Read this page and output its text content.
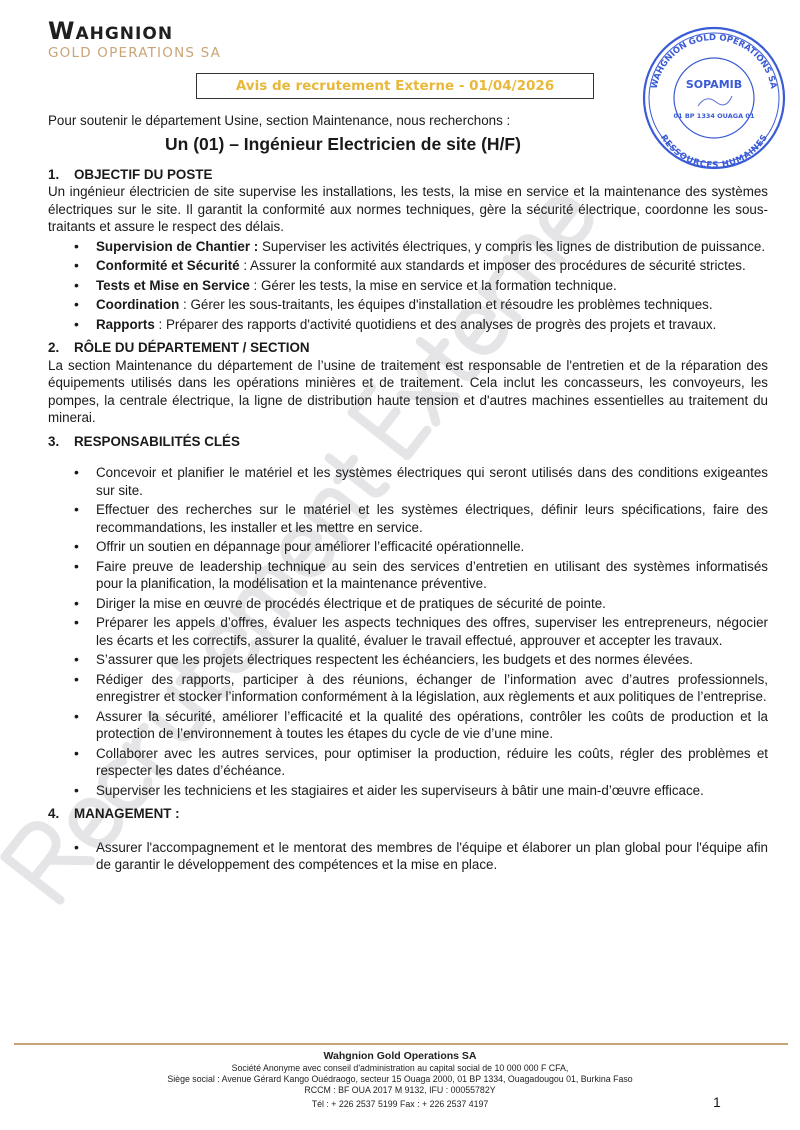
Wahgnion
GOLD OPERATIONS SA
Avis de recrutement Externe - 01/04/2026	WAHGNION GOLD OPERATIONS SA
RESSOURCES HUMAINES
SOPAMIB
01 BP 1334 OUAGA 01

Pour soutenir le département Usine, section Maintenance, nous recherchons :

Un (01) – Ingénieur Electricien de site (H/F)
1.	OBJECTIF DU POSTE

Un ingénieur électricien de site supervise les installations, les tests, la mise en service et la maintenance des systèmes électriques sur le site. Il garantit la conformité aux normes techniques, gère la sécurité électrique, coordonne les sous-traitants et assure le respect des délais.

• Supervision de Chantier : Superviser les activités électriques, y compris les lignes de distribution de puissance.
• Conformité et Sécurité : Assurer la conformité aux standards et imposer des procédures de sécurité strictes.
• Tests et Mise en Service : Gérer les tests, la mise en service et la formation technique.
• Coordination : Gérer les sous-traitants, les équipes d'installation et résoudre les problèmes techniques.
• Rapports : Préparer des rapports d'activité quotidiens et des analyses de progrès des projets et travaux.
2.	RÔLE DU DÉPARTEMENT / SECTION

La section Maintenance du département de l’usine de traitement est responsable de l'entretien et de la réparation des équipements utilisés dans les opérations minières et de traitement. Cela inclut les concasseurs, les convoyeurs, les pompes, la centrale électrique, la ligne de distribution haute tension et d'autres machines essentielles au traitement du minerai.

3.	RESPONSABILITÉS CLÉS
• Concevoir et planifier le matériel et les systèmes électriques qui seront utilisés dans des conditions exigeantes sur site.
• Effectuer des recherches sur le matériel et les systèmes électriques, définir leurs spécifications, faire des recommandations, les installer et les mettre en service.
• Offrir un soutien en dépannage pour améliorer l’efficacité opérationnelle.
• Faire preuve de leadership technique au sein des services d’entretien en utilisant des systèmes informatisés pour la planification, la modélisation et la maintenance préventive.
• Diriger la mise en œuvre de procédés électrique et de pratiques de sécurité de pointe.
• Préparer les appels d’offres, évaluer les aspects techniques des offres, superviser les entrepreneurs, négocier les écarts et les correctifs, assurer la qualité, évaluer le travail effectué, approuver et accepter les travaux.
• S’assurer que les projets électriques respectent les échéanciers, les budgets et des normes élevées.
• Rédiger des rapports, participer à des réunions, échanger de l’information avec d’autres professionnels, enregistrer et stocker l’information conformément à la législation, aux règlements et aux politiques de l’entreprise.
• Assurer la sécurité, améliorer l’efficacité et la qualité des opérations, contrôler les coûts de production et la protection de l’environnement à toutes les étapes du cycle de vie d’une mine.
• Collaborer avec les autres services, pour optimiser la production, réduire les coûts, régler des problèmes et respecter les dates d’échéance.
• Superviser les techniciens et les stagiaires et aider les superviseurs à bâtir une main-d’œuvre efficace.
4.	MANAGEMENT :
• Assurer l'accompagnement et le mentorat des membres de l'équipe et élaborer un plan global pour l'équipe afin de garantir le développement des compétences et la mise en place.
Wahgnion Gold Operations SA
Société Anonyme avec conseil d'administration au capital social de 10 000 000 F CFA,
Siège social : Avenue Gérard Kango Ouédraogo, secteur 15 Ouaga 2000, 01 BP 1334, Ouagadougou 01, Burkina Faso
RCCM : BF OUA 2017 M 9132, IFU : 00055782Y
Tél : + 226 2537 5199 Fax : + 226 2537 4197	1
